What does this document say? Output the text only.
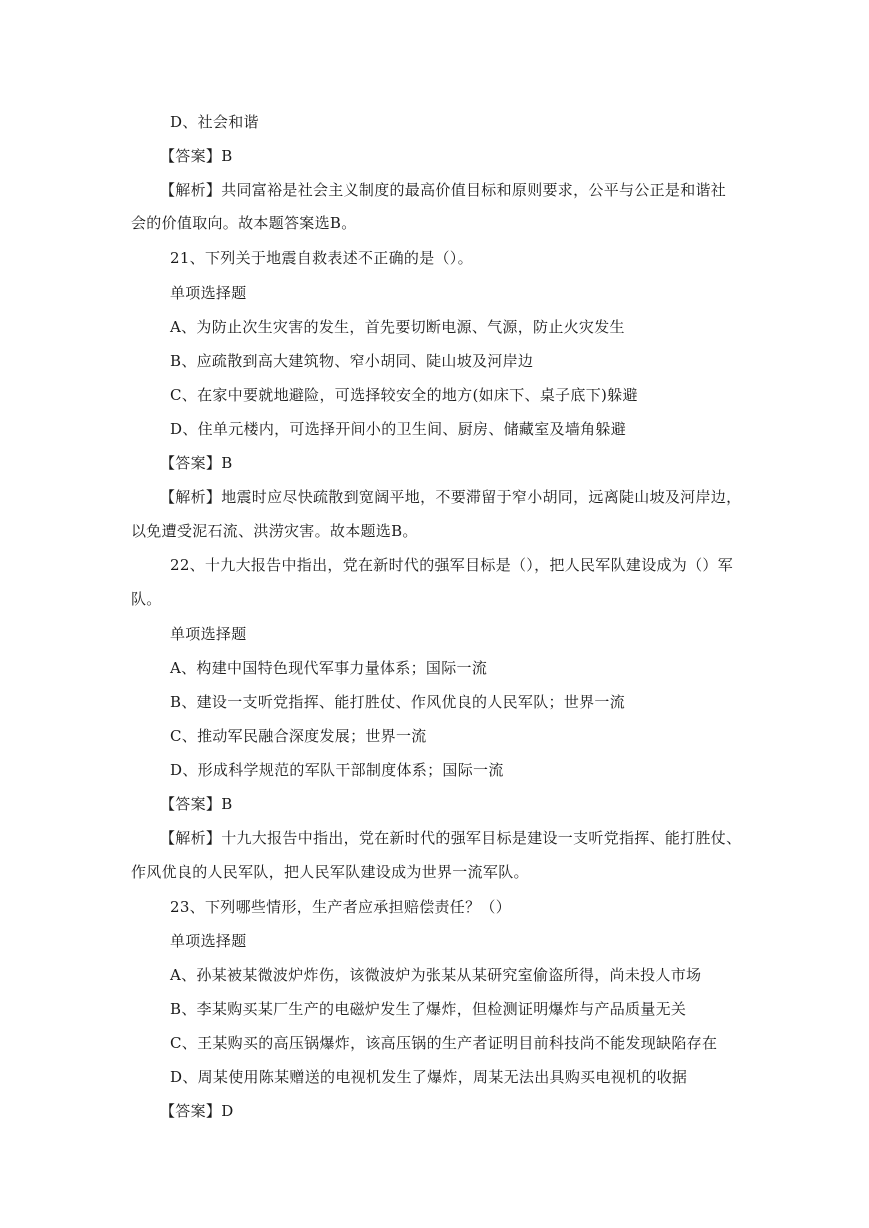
D、社会和谐
【答案】B
【解析】共同富裕是社会主义制度的最高价值目标和原则要求，公平与公正是和谐社
会的价值取向。故本题答案选B。
21、下列关于地震自救表述不正确的是（）。
单项选择题
A、为防止次生灾害的发生，首先要切断电源、气源，防止火灾发生
B、应疏散到高大建筑物、窄小胡同、陡山坡及河岸边
C、在家中要就地避险，可选择较安全的地方(如床下、桌子底下)躲避
D、住单元楼内，可选择开间小的卫生间、厨房、储藏室及墙角躲避
【答案】B
【解析】地震时应尽快疏散到宽阔平地，不要滞留于窄小胡同，远离陡山坡及河岸边，
以免遭受泥石流、洪涝灾害。故本题选B。
22、十九大报告中指出，党在新时代的强军目标是（），把人民军队建设成为（）军
队。
单项选择题
A、构建中国特色现代军事力量体系；国际一流
B、建设一支听党指挥、能打胜仗、作风优良的人民军队；世界一流
C、推动军民融合深度发展；世界一流
D、形成科学规范的军队干部制度体系；国际一流
【答案】B
【解析】十九大报告中指出，党在新时代的强军目标是建设一支听党指挥、能打胜仗、
作风优良的人民军队，把人民军队建设成为世界一流军队。
23、下列哪些情形，生产者应承担赔偿责任？（）
单项选择题
A、孙某被某微波炉炸伤，该微波炉为张某从某研究室偷盗所得，尚未投人市场
B、李某购买某厂生产的电磁炉发生了爆炸，但检测证明爆炸与产品质量无关
C、王某购买的高压锅爆炸，该高压锅的生产者证明目前科技尚不能发现缺陷存在
D、周某使用陈某赠送的电视机发生了爆炸，周某无法出具购买电视机的收据
【答案】D
